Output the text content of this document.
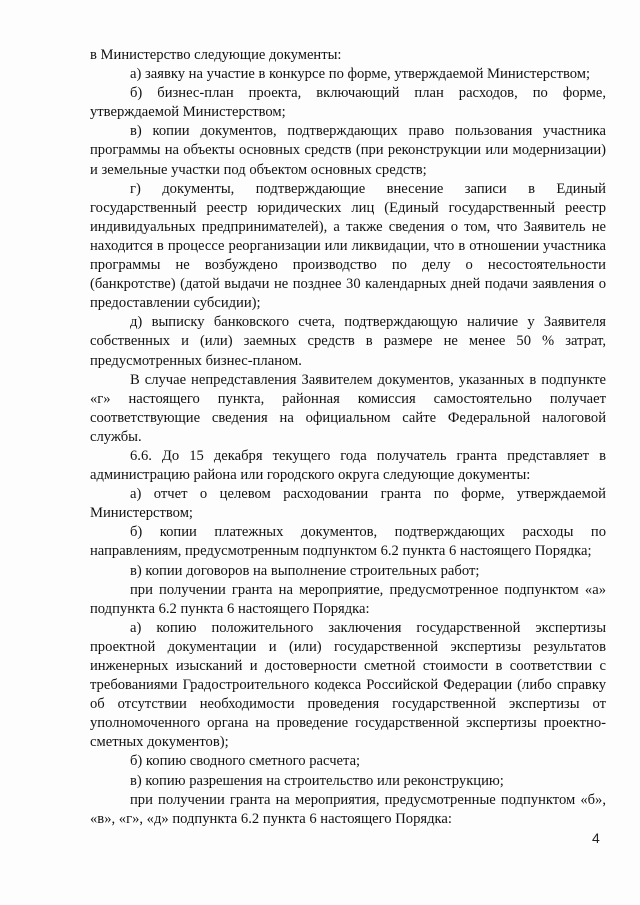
в Министерство следующие документы:

а) заявку на участие в конкурсе по форме, утверждаемой Министерством;

б) бизнес-план проекта, включающий план расходов, по форме, утверждаемой Министерством;

в) копии документов, подтверждающих право пользования участника программы на объекты основных средств (при реконструкции или модернизации) и земельные участки под объектом основных средств;

г) документы, подтверждающие внесение записи в Единый государственный реестр юридических лиц (Единый государственный реестр индивидуальных предпринимателей), а также сведения о том, что Заявитель не находится в процессе реорганизации или ликвидации, что в отношении участника программы не возбуждено производство по делу о несостоятельности (банкротстве) (датой выдачи не позднее 30 календарных дней подачи заявления о предоставлении субсидии);

д) выписку банковского счета, подтверждающую наличие у Заявителя собственных и (или) заемных средств в размере не менее 50 % затрат, предусмотренных бизнес-планом.

В случае непредставления Заявителем документов, указанных в подпункте «г» настоящего пункта, районная комиссия самостоятельно получает соответствующие сведения на официальном сайте Федеральной налоговой службы.

6.6. До 15 декабря текущего года получатель гранта представляет в администрацию района или городского округа следующие документы:

а) отчет о целевом расходовании гранта по форме, утверждаемой Министерством;

б) копии платежных документов, подтверждающих расходы по направлениям, предусмотренным подпунктом 6.2 пункта 6 настоящего Порядка;

в) копии договоров на выполнение строительных работ;

при получении гранта на мероприятие, предусмотренное подпунктом «а» подпункта 6.2 пункта 6 настоящего Порядка:

а) копию положительного заключения государственной экспертизы проектной документации и (или) государственной экспертизы результатов инженерных изысканий и достоверности сметной стоимости в соответствии с требованиями Градостроительного кодекса Российской Федерации (либо справку об отсутствии необходимости проведения государственной экспертизы от уполномоченного органа на проведение государственной экспертизы проектно-сметных документов);

б) копию сводного сметного расчета;

в) копию разрешения на строительство или реконструкцию;

при получении гранта на мероприятия, предусмотренные подпунктом «б», «в», «г», «д» подпункта 6.2 пункта 6 настоящего Порядка:

4
